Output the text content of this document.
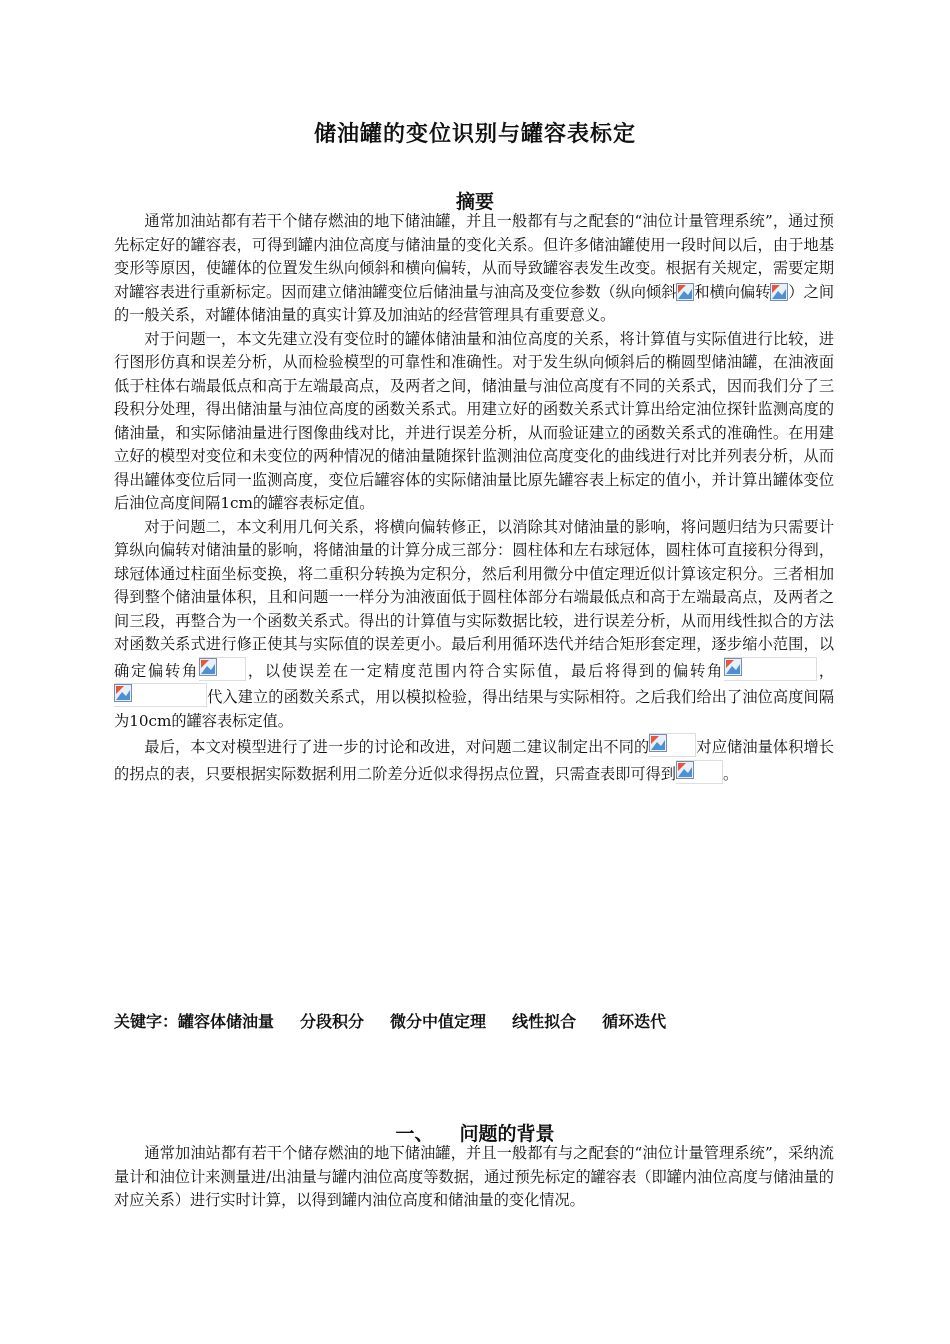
储油罐的变位识别与罐容表标定
摘要

通常加油站都有若干个储存燃油的地下储油罐，并且一般都有与之配套的“油位计量管理系统”，通过预先标定好的罐容表，可得到罐内油位高度与储油量的变化关系。但许多储油罐使用一段时间以后，由于地基变形等原因，使罐体的位置发生纵向倾斜和横向偏转，从而导致罐容表发生改变。根据有关规定，需要定期对罐容表进行重新标定。因而建立储油罐变位后储油量与油高及变位参数（纵向倾斜 和横向偏转 ）之间的一般关系，对罐体储油量的真实计算及加油站的经营管理具有重要意义。

对于问题一，本文先建立没有变位时的罐体储油量和油位高度的关系，将计算值与实际值进行比较，进行图形仿真和误差分析，从而检验模型的可靠性和准确性。对于发生纵向倾斜后的椭圆型储油罐，在油液面低于柱体右端最低点和高于左端最高点，及两者之间，储油量与油位高度有不同的关系式，因而我们分了三段积分处理，得出储油量与油位高度的函数关系式。用建立好的函数关系式计算出给定油位探针监测高度的储油量，和实际储油量进行图像曲线对比，并进行误差分析，从而验证建立的函数关系式的准确性。在用建立好的模型对变位和未变位的两种情况的储油量随探针监测油位高度变化的曲线进行对比并列表分析，从而得出罐体变位后同一监测高度，变位后罐容体的实际储油量比原先罐容表上标定的值小，并计算出罐体变位后油位高度间隔1cm的罐容表标定值。

对于问题二，本文利用几何关系，将横向偏转修正，以消除其对储油量的影响，将问题归结为只需要计算纵向偏转对储油量的影响，将储油量的计算分成三部分：圆柱体和左右球冠体，圆柱体可直接积分得到，球冠体通过柱面坐标变换，将二重积分转换为定积分，然后利用微分中值定理近似计算该定积分。三者相加得到整个储油量体积，且和问题一一样分为油液面低于圆柱体部分右端最低点和高于左端最高点，及两者之间三段，再整合为一个函数关系式。得出的计算值与实际数据比较，进行误差分析，从而用线性拟合的方法对函数关系式进行修正使其与实际值的误差更小。最后利用循环迭代并结合矩形套定理，逐步缩小范围，以确定偏转角	，以使误差在一定精度范围内符合实际值，最后将得到的偏转角	，
代入建立的函数关系式，用以模拟检验，得出结果与实际相符。之后我们给出了油位高度间隔为10cm的罐容表标定值。

最后，本文对模型进行了进一步的讨论和改进，对问题二建议制定出不同的	对应储油量体积增长的拐点的表，只要根据实际数据利用二阶差分近似求得拐点位置，只需查表即可得到	。

关键字：罐容体储油量 分段积分 微分中值定理 线性拟合 循环迭代
一、 问题的背景

通常加油站都有若干个储存燃油的地下储油罐，并且一般都有与之配套的“油位计量管理系统”，采纳流量计和油位计来测量进/出油量与罐内油位高度等数据，通过预先标定的罐容表（即罐内油位高度与储油量的对应关系）进行实时计算，以得到罐内油位高度和储油量的变化情况。
